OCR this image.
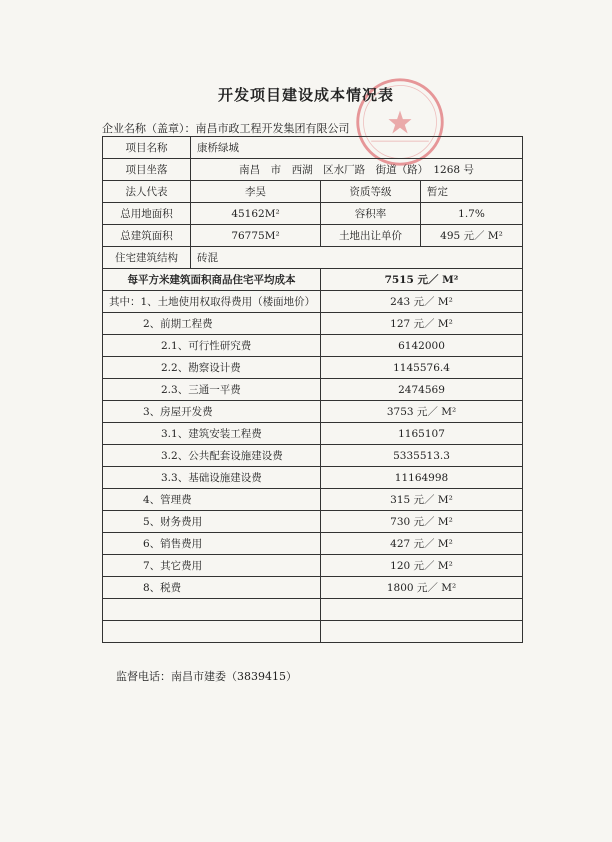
开发项目建设成本情况表
企业名称（盖章）：南昌市政工程开发集团有限公司
项目名称	康桥绿城		
项目坐落	南昌　市　西湖　区水厂路　街道（路）　1268 号		
法人代表	李昊	资质等级	暂定
总用地面积	45162M²	容积率	1.7%
总建筑面积	76775M²	土地出让单价	495 元／ M²
住宅建筑结构	砖混		
每平方米建筑面积商品住宅平均成本		7515 元／ M²	
其中：1、土地使用权取得费用（楼面地价）		243 元／ M²	
2、前期工程费		127 元／ M²	
2.1、可行性研究费		6142000	
2.2、勘察设计费		1145576.4	
2.3、三通一平费		2474569	
3、房屋开发费		3753 元／ M²	
3.1、建筑安装工程费		1165107	
3.2、公共配套设施建设费		5335513.3	
3.3、基础设施建设费		11164998	
4、管理费		315 元／ M²	
5、财务费用		730 元／ M²	
6、销售费用		427 元／ M²	
7、其它费用		120 元／ M²	
8、税费		1800 元／ M²	

监督电话：南昌市建委（3839415）
